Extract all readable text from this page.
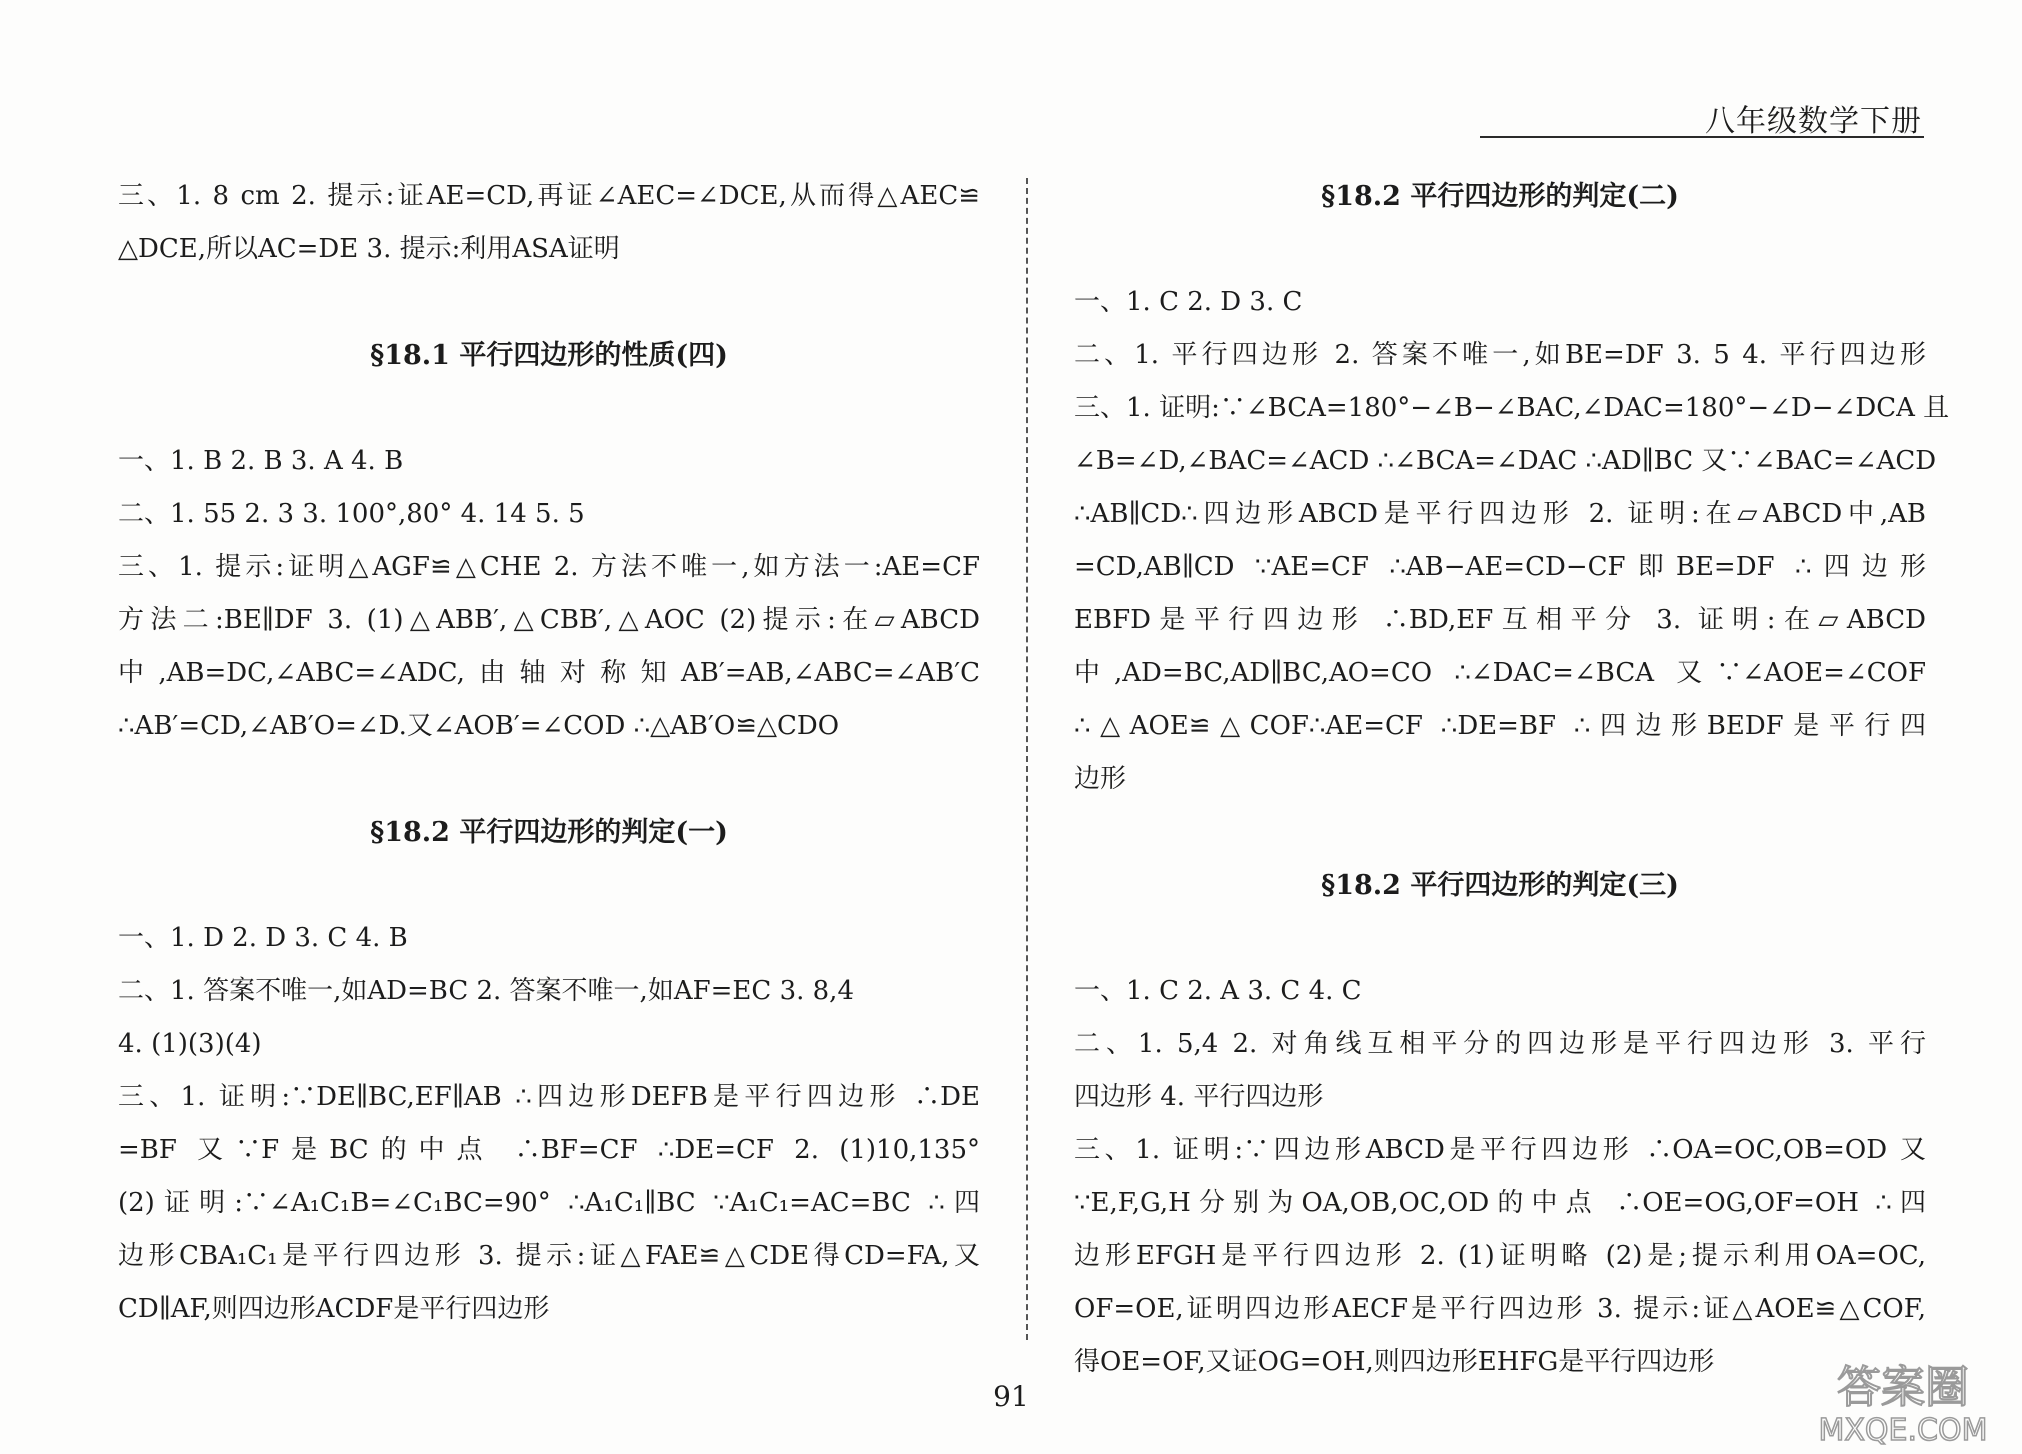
八年级数学下册
三、1. 8 cm 2. 提示:证AE=CD,再证∠AEC=∠DCE,从而得△AEC≌
△DCE,所以AC=DE 3. 提示:利用ASA证明
§18.1 平行四边形的性质(四)
一、1. B 2. B 3. A 4. B
二、1. 55 2. 3 3. 100°,80° 4. 14 5. 5
三、1. 提示:证明△AGF≌△CHE 2. 方法不唯一,如方法一:AE=CF
方法二:BE∥DF 3. (1)△ABB′,△CBB′,△AOC (2)提示:在▱ABCD
中,AB=DC,∠ABC=∠ADC,由轴对称知AB′=AB,∠ABC=∠AB′C
∴AB′=CD,∠AB′O=∠D.又∠AOB′=∠COD ∴△AB′O≌△CDO
§18.2 平行四边形的判定(一)
一、1. D 2. D 3. C 4. B
二、1. 答案不唯一,如AD=BC 2. 答案不唯一,如AF=EC 3. 8,4
4. (1)(3)(4)
三、1. 证明:∵DE∥BC,EF∥AB ∴四边形DEFB是平行四边形 ∴DE
=BF 又∵F是BC的中点 ∴BF=CF ∴DE=CF 2. (1)10,135°
(2)证明:∵∠A₁C₁B=∠C₁BC=90° ∴A₁C₁∥BC ∵A₁C₁=AC=BC ∴四
边形CBA₁C₁是平行四边形 3. 提示:证△FAE≌△CDE得CD=FA,又
CD∥AF,则四边形ACDF是平行四边形
§18.2 平行四边形的判定(二)
一、1. C 2. D 3. C
二、1. 平行四边形 2. 答案不唯一,如BE=DF 3. 5 4. 平行四边形
三、1. 证明:∵∠BCA=180°−∠B−∠BAC,∠DAC=180°−∠D−∠DCA 且
∠B=∠D,∠BAC=∠ACD ∴∠BCA=∠DAC ∴AD∥BC 又∵∠BAC=∠ACD
∴AB∥CD∴四边形ABCD是平行四边形 2. 证明:在▱ABCD中,AB
=CD,AB∥CD ∵AE=CF ∴AB−AE=CD−CF即BE=DF ∴四边形
EBFD是平行四边形 ∴BD,EF互相平分 3. 证明:在▱ABCD
中,AD=BC,AD∥BC,AO=CO ∴∠DAC=∠BCA 又∵∠AOE=∠COF
∴△AOE≌△COF∴AE=CF ∴DE=BF ∴四边形BEDF是平行四
边形
§18.2 平行四边形的判定(三)
一、1. C 2. A 3. C 4. C
二、1. 5,4 2. 对角线互相平分的四边形是平行四边形 3. 平行
四边形 4. 平行四边形
三、1. 证明:∵四边形ABCD是平行四边形 ∴OA=OC,OB=OD 又
∵E,F,G,H分别为OA,OB,OC,OD的中点 ∴OE=OG,OF=OH ∴四
边形EFGH是平行四边形 2. (1)证明略 (2)是;提示利用OA=OC,
OF=OE,证明四边形AECF是平行四边形 3. 提示:证△AOE≌△COF,
得OE=OF,又证OG=OH,则四边形EHFG是平行四边形
91	答案圈
MXQE.COM
